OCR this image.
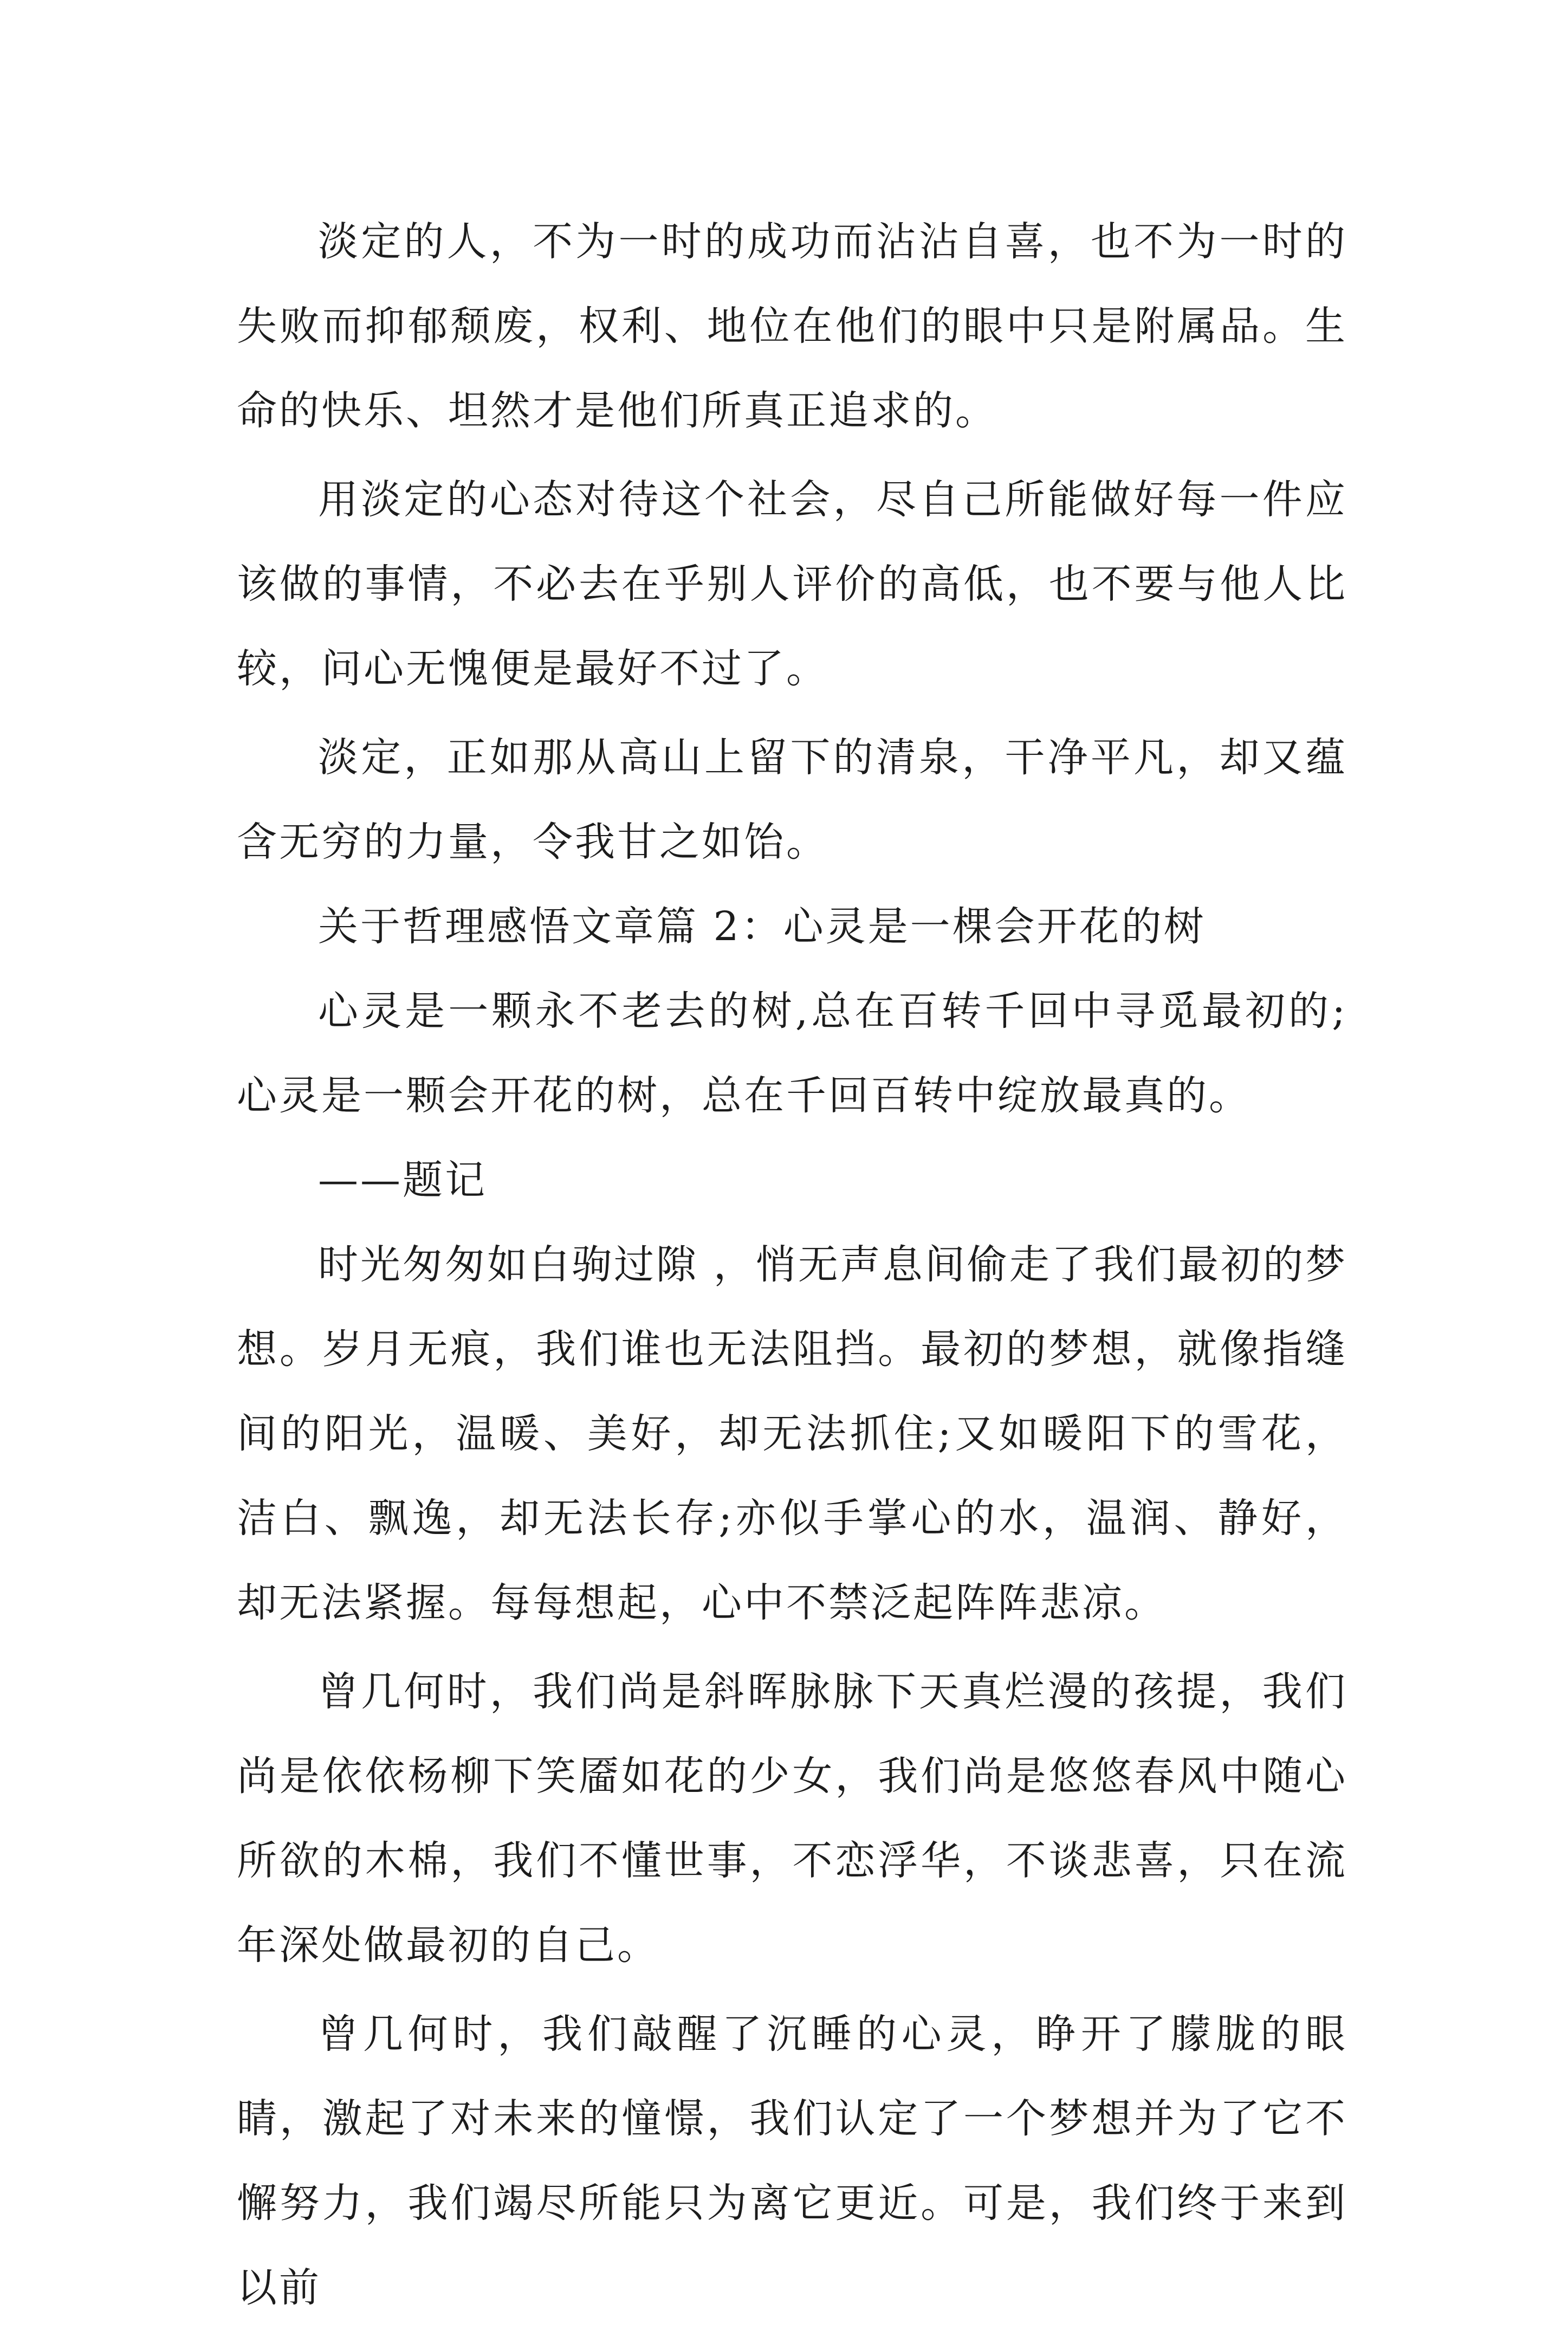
淡定的人，不为一时的成功而沾沾自喜，也不为一时的失败而抑郁颓废，权利、地位在他们的眼中只是附属品。生命的快乐、坦然才是他们所真正追求的。

用淡定的心态对待这个社会，尽自己所能做好每一件应该做的事情，不必去在乎别人评价的高低，也不要与他人比较，问心无愧便是最好不过了。

淡定，正如那从高山上留下的清泉，干净平凡，却又蕴含无穷的力量，令我甘之如饴。

关于哲理感悟文章篇 2：心灵是一棵会开花的树

心灵是一颗永不老去的树,总在百转千回中寻觅最初的;心灵是一颗会开花的树，总在千回百转中绽放最真的。

——题记

时光匆匆如白驹过隙 ，悄无声息间偷走了我们最初的梦想。岁月无痕，我们谁也无法阻挡。最初的梦想，就像指缝间的阳光，温暖、美好，却无法抓住;又如暖阳下的雪花，洁白、飘逸，却无法长存;亦似手掌心的水，温润、静好，却无法紧握。每每想起，心中不禁泛起阵阵悲凉。

曾几何时，我们尚是斜晖脉脉下天真烂漫的孩提，我们尚是依依杨柳下笑靥如花的少女，我们尚是悠悠春风中随心所欲的木棉，我们不懂世事，不恋浮华，不谈悲喜，只在流年深处做最初的自己。

曾几何时，我们敲醒了沉睡的心灵，睁开了朦胧的眼睛，激起了对未来的憧憬，我们认定了一个梦想并为了它不懈努力，我们竭尽所能只为离它更近。可是，我们终于来到以前
